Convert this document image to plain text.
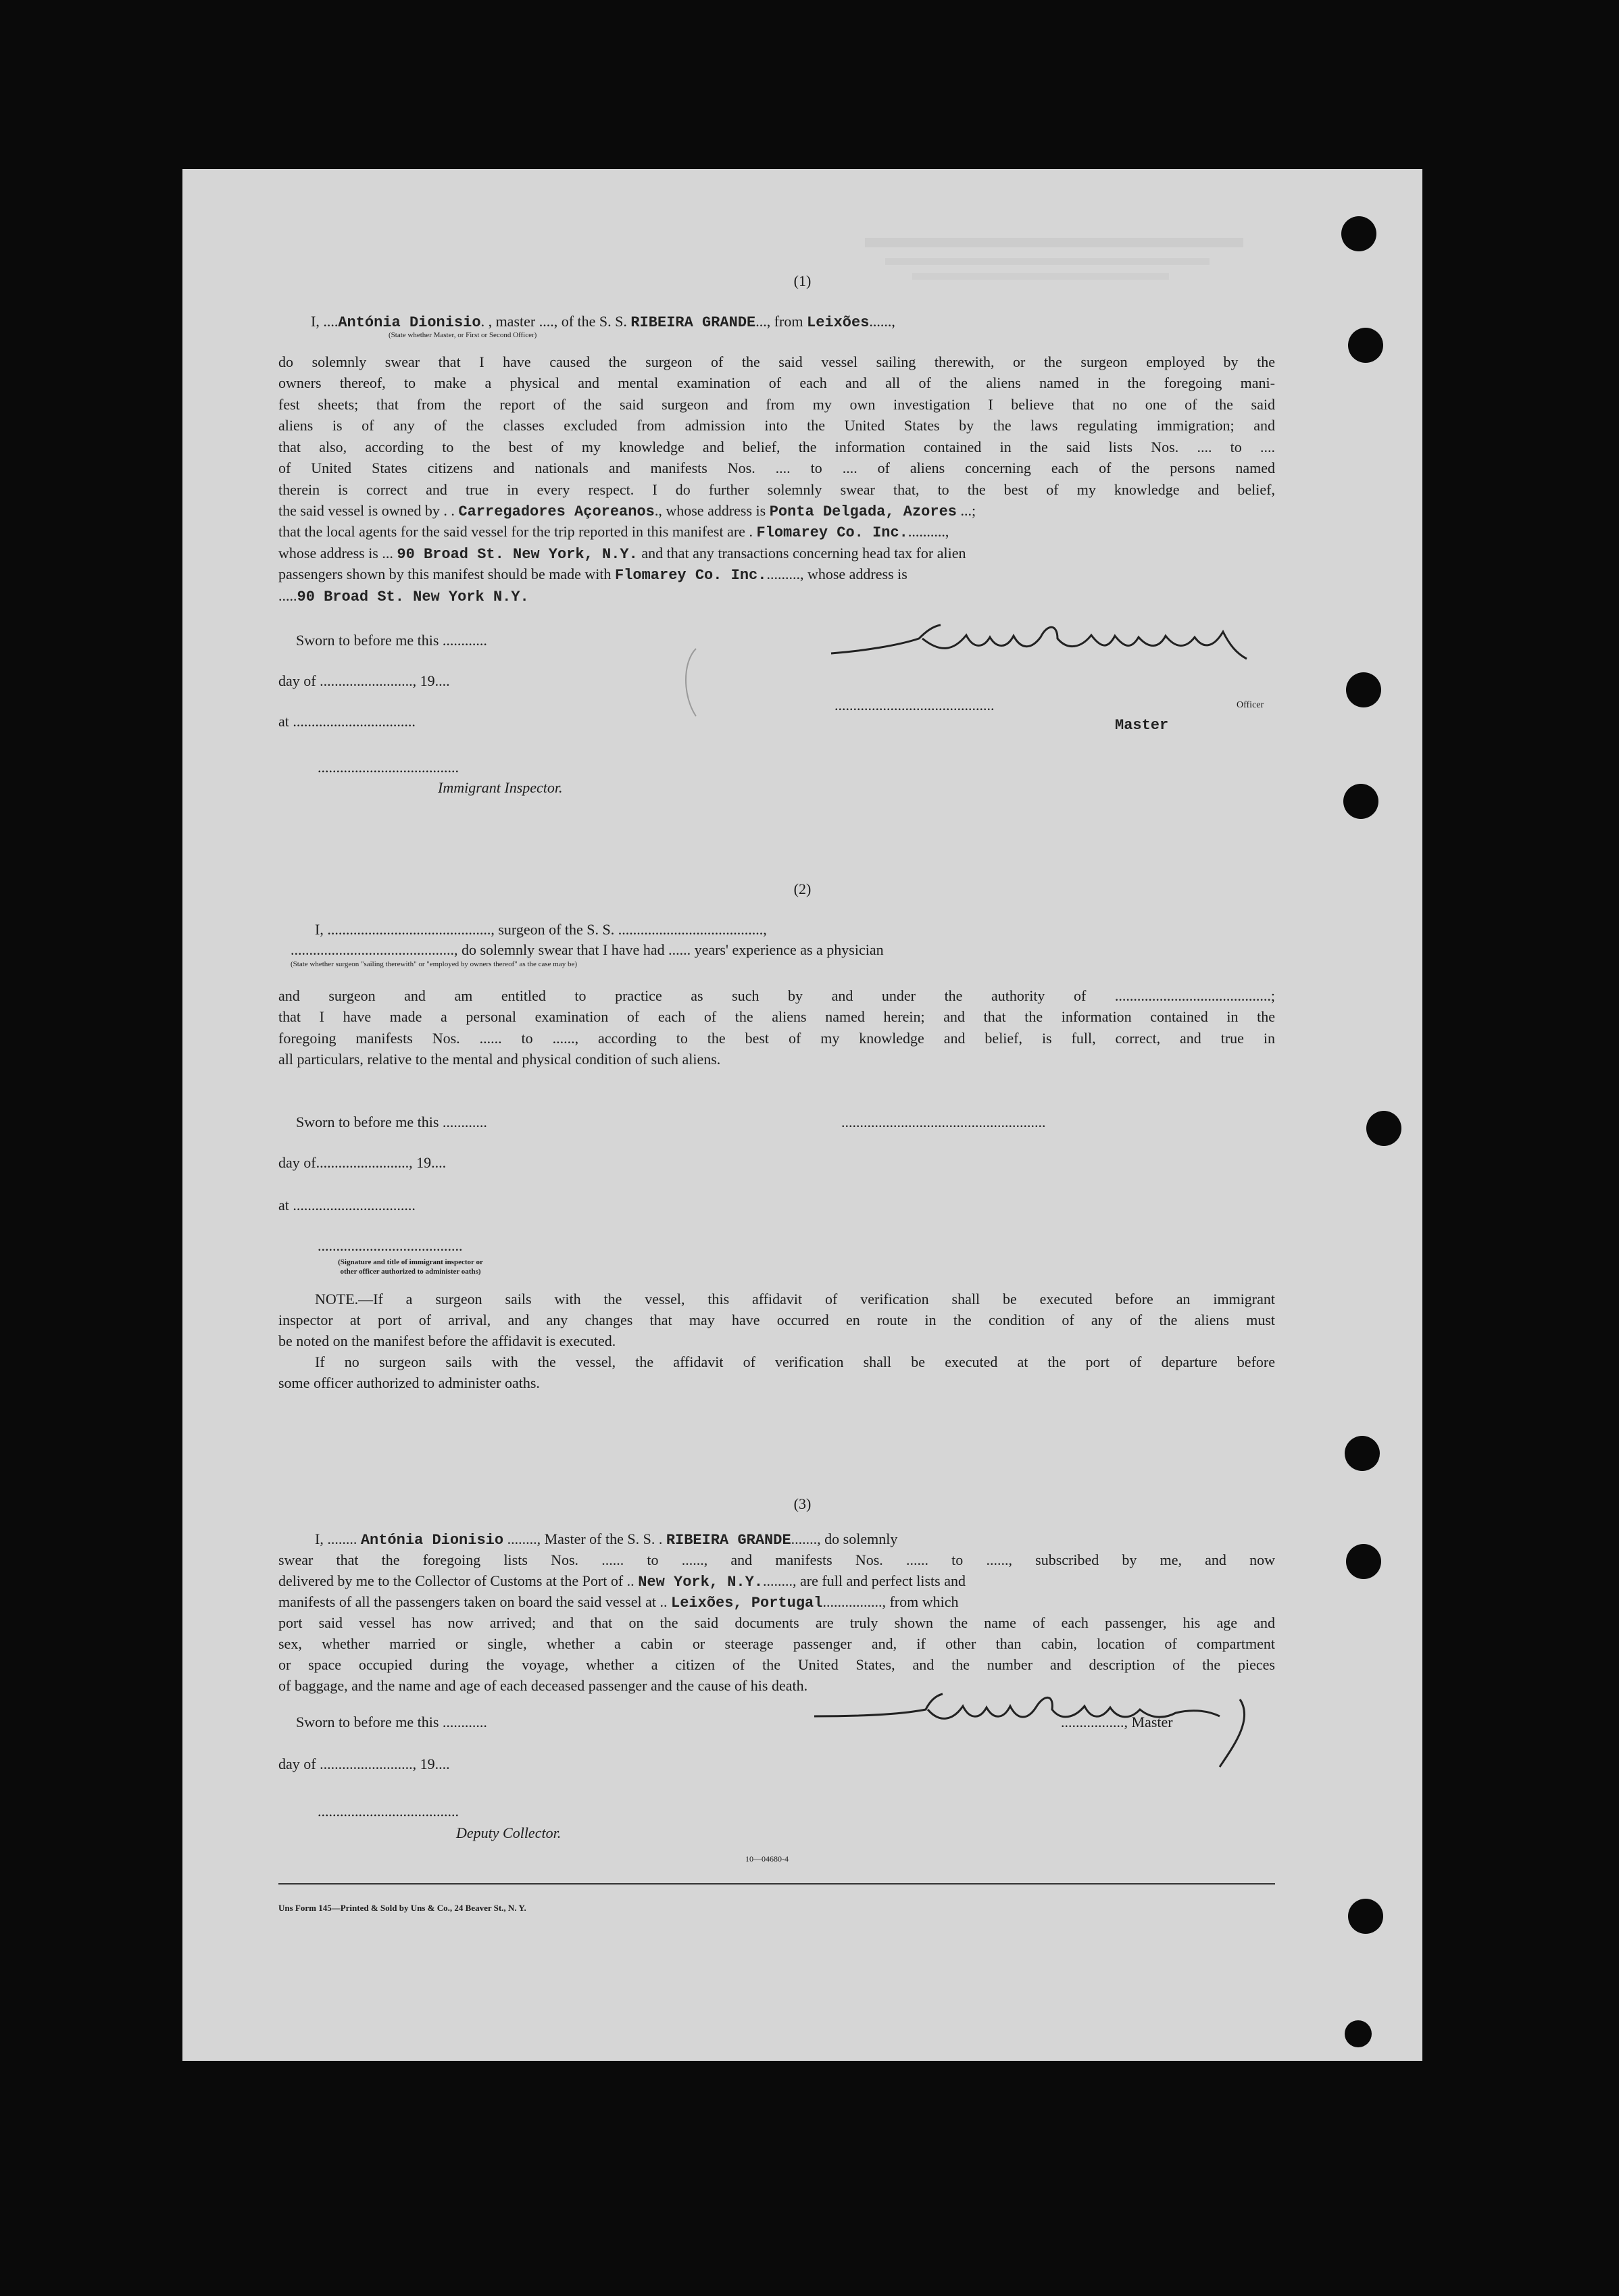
(1)
I, ....Antónia Dionisio. , master ...., of the S. S. RIBEIRA GRANDE..., from Leixões......,
(State whether Master, or First or Second Officer)
do solemnly swear that I have caused the surgeon of the said vessel sailing therewith, or the surgeon employed by the
owners thereof, to make a physical and mental examination of each and all of the aliens named in the foregoing mani-
fest sheets; that from the report of the said surgeon and from my own investigation I believe that no one of the said
aliens is of any of the classes excluded from admission into the United States by the laws regulating immigration; and
that also, according to the best of my knowledge and belief, the information contained in the said lists Nos. .... to ....
of United States citizens and nationals and manifests Nos. .... to .... of aliens concerning each of the persons named
therein is correct and true in every respect. I do further solemnly swear that, to the best of my knowledge and belief,
the said vessel is owned by . . Carregadores Açoreanos., whose address is Ponta Delgada, Azores ...;
that the local agents for the said vessel for the trip reported in this manifest are . Flomarey Co. Inc...........,
whose address is ... 90 Broad St. New York, N.Y. and that any transactions concerning head tax for alien
passengers shown by this manifest should be made with Flomarey Co. Inc.........., whose address is
.....90 Broad St. New York N.Y.
Sworn to before me this ............
day of ........................., 19....
at .................................
......................................
Immigrant Inspector.
...........................................	Officer
Master
(2)
I, ............................................, surgeon of the S. S. .......................................,
............................................, do solemnly swear that I have had ...... years' experience as a physician
(State whether surgeon "sailing therewith" or "employed by owners thereof" as the case may be)
and surgeon and am entitled to practice as such by and under the authority of ..........................................;
that I have made a personal examination of each of the aliens named herein; and that the information contained in the
foregoing manifests Nos. ...... to ......, according to the best of my knowledge and belief, is full, correct, and true in
all particulars, relative to the mental and physical condition of such aliens.
Sworn to before me this ............	.......................................................
day of........................., 19....
at .................................
.......................................
(Signature and title of immigrant inspector or
other officer authorized to administer oaths)
NOTE.—If a surgeon sails with the vessel, this affidavit of verification shall be executed before an immigrant
inspector at port of arrival, and any changes that may have occurred en route in the condition of any of the aliens must
be noted on the manifest before the affidavit is executed.
If no surgeon sails with the vessel, the affidavit of verification shall be executed at the port of departure before
some officer authorized to administer oaths.
(3)
I, ........ Antónia Dionisio ........, Master of the S. S. . RIBEIRA GRANDE......., do solemnly
swear that the foregoing lists Nos. ...... to ......, and manifests Nos. ...... to ......, subscribed by me, and now
delivered by me to the Collector of Customs at the Port of .. New York, N.Y........., are full and perfect lists and
manifests of all the passengers taken on board the said vessel at .. Leixões, Portugal................, from which
port said vessel has now arrived; and that on the said documents are truly shown the name of each passenger, his age and
sex, whether married or single, whether a cabin or steerage passenger and, if other than cabin, location of compartment
or space occupied during the voyage, whether a citizen of the United States, and the number and description of the pieces
of baggage, and the name and age of each deceased passenger and the cause of his death.
................., Master
Sworn to before me this ............
day of ........................., 19....
......................................
Deputy Collector.
10—04680-4
Uns Form 145—Printed & Sold by Uns & Co., 24 Beaver St., N. Y.
